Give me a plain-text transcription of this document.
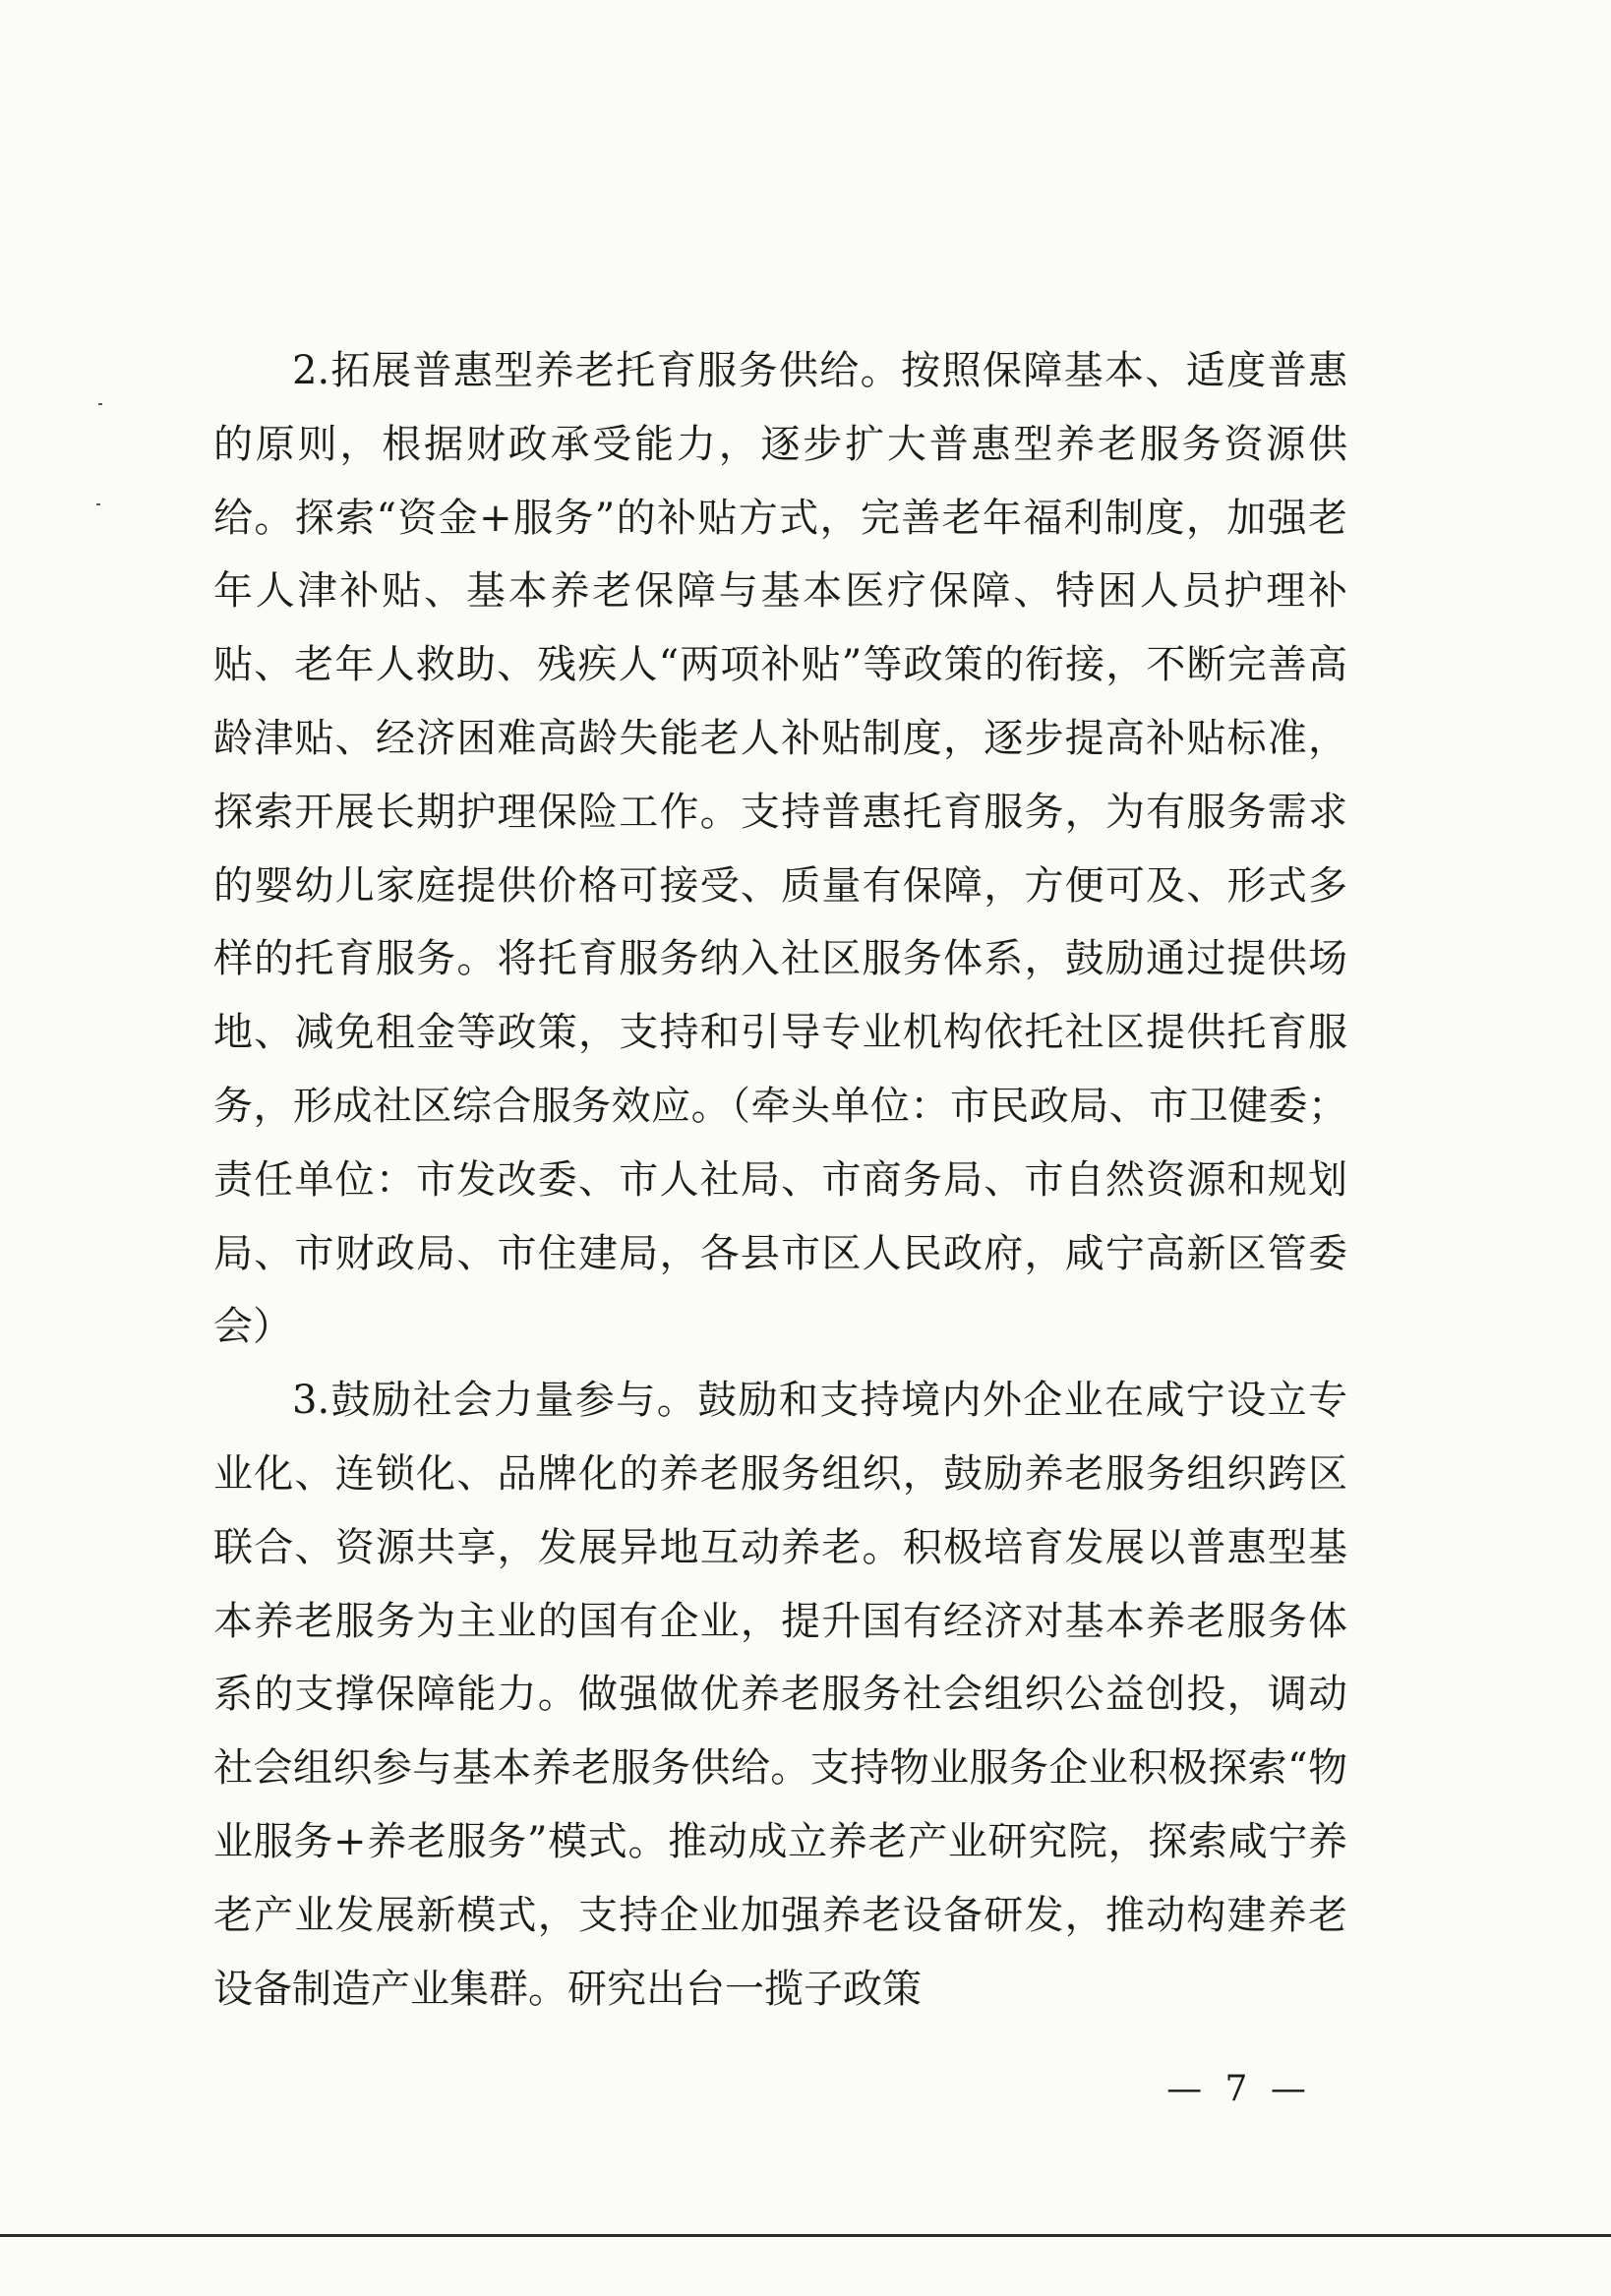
2.拓展普惠型养老托育服务供给。按照保障基本、适度普惠的原则，根据财政承受能力，逐步扩大普惠型养老服务资源供给。探索“资金+服务”的补贴方式，完善老年福利制度，加强老年人津补贴、基本养老保障与基本医疗保障、特困人员护理补贴、老年人救助、残疾人“两项补贴”等政策的衔接，不断完善高龄津贴、经济困难高龄失能老人补贴制度，逐步提高补贴标准，探索开展长期护理保险工作。支持普惠托育服务，为有服务需求的婴幼儿家庭提供价格可接受、质量有保障，方便可及、形式多样的托育服务。将托育服务纳入社区服务体系，鼓励通过提供场地、减免租金等政策，支持和引导专业机构依托社区提供托育服务，形成社区综合服务效应。（牵头单位：市民政局、市卫健委；责任单位：市发改委、市人社局、市商务局、市自然资源和规划局、市财政局、市住建局，各县市区人民政府，咸宁高新区管委会）

3.鼓励社会力量参与。鼓励和支持境内外企业在咸宁设立专业化、连锁化、品牌化的养老服务组织，鼓励养老服务组织跨区联合、资源共享，发展异地互动养老。积极培育发展以普惠型基本养老服务为主业的国有企业，提升国有经济对基本养老服务体系的支撑保障能力。做强做优养老服务社会组织公益创投，调动社会组织参与基本养老服务供给。支持物业服务企业积极探索“物业服务+养老服务”模式。推动成立养老产业研究院，探索咸宁养老产业发展新模式，支持企业加强养老设备研发，推动构建养老设备制造产业集群。研究出台一揽子政策

— 7 —
